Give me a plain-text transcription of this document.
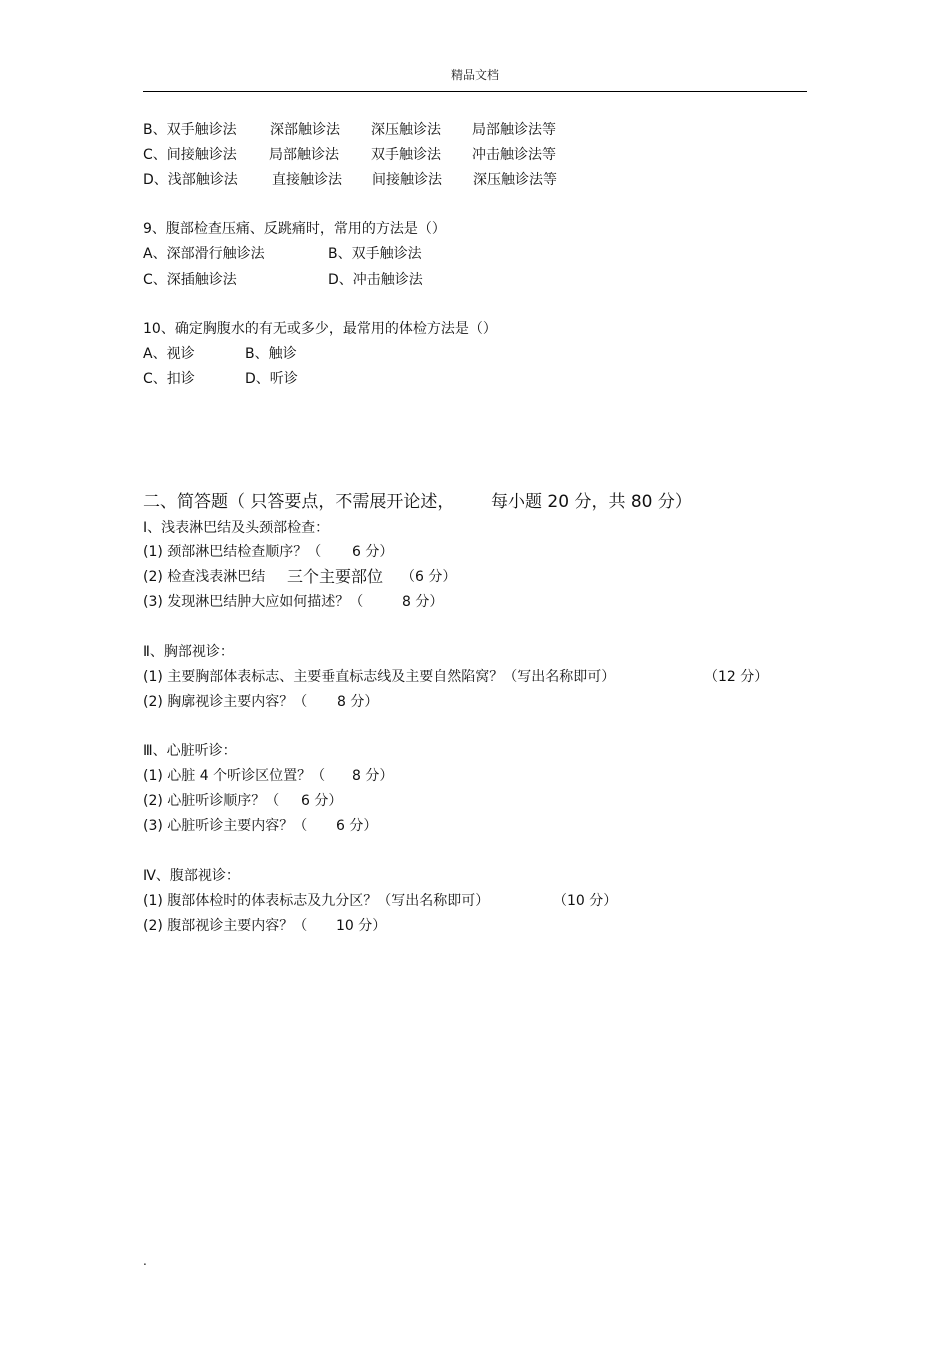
精品文档
B、双手触诊法 深部触诊法 深压触诊法 局部触诊法等
C、间接触诊法 局部触诊法 双手触诊法 冲击触诊法等
D、浅部触诊法 直接触诊法 间接触诊法 深压触诊法等
9、腹部检查压痛、反跳痛时，常用的方法是（）
A、深部滑行触诊法	B、双手触诊法
C、深插触诊法	D、冲击触诊法
10、确定胸腹水的有无或多少，最常用的体检方法是（）
A、视诊	B、触诊
C、扣诊	D、听诊
二、简答题（ 只答要点，不需展开论述， 每小题 20 分，共 80 分）
Ⅰ、浅表淋巴结及头颈部检查：
(1) 颈部淋巴结检查顺序？（ 6 分）
(2) 检查浅表淋巴结 三个主要部位 （6 分）
(3) 发现淋巴结肿大应如何描述？（	8 分）
Ⅱ、胸部视诊：
(1) 主要胸部体表标志、主要垂直标志线及主要自然陷窝？（写出名称即可）	（12 分）
(2) 胸廓视诊主要内容？（ 8 分）
Ⅲ、心脏听诊：
(1) 心脏 4 个听诊区位置？（ 8 分）
(2) 心脏听诊顺序？（ 6 分）
(3) 心脏听诊主要内容？（ 6 分）
Ⅳ、腹部视诊：
(1) 腹部体检时的体表标志及九分区？（写出名称即可）	（10 分）
(2) 腹部视诊主要内容？（ 10 分）
.
